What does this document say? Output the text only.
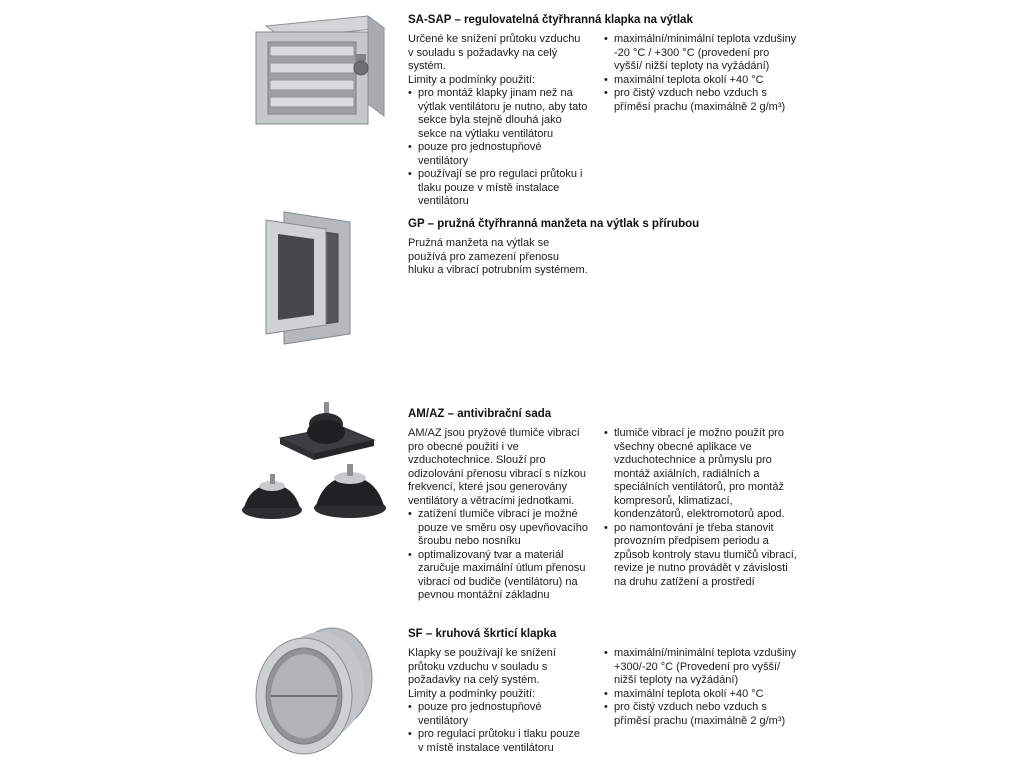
SA-SAP – regulovatelná čtyřhranná klapka na výtlak

Určené ke snížení průtoku vzduchu v souladu s požadavky na celý systém.

Limity a podmínky použití:

• pro montáž klapky jinam než na výtlak ventilátoru je nutno, aby tato sekce byla stejně dlouhá jako sekce na výtlaku ventilátoru
• pouze pro jednostupňové ventilátory
• používají se pro regulaci průtoku i tlaku pouze v místě instalace ventilátoru
• maximální/minimální teplota vzdušiny -20 °C / +300 °C (provedení pro vyšší/ nižší teploty na vyžádání)
• maximální teplota okolí +40 °C
• pro čistý vzduch nebo vzduch s příměsí prachu (maximálně 2 g/m³)
GP – pružná čtyřhranná manžeta na výtlak s přírubou

Pružná manžeta na výtlak se používá pro zamezení přenosu hluku a vibrací potrubním systémem.

AM/AZ – antivibrační sada

AM/AZ jsou pryžové tlumiče vibrací pro obecné použití i ve vzduchotechnice. Slouží pro odizolování přenosu vibrací s nízkou frekvencí, které jsou generovány ventilátory a větracími jednotkami.

• zatížení tlumiče vibrací je možné pouze ve směru osy upevňovacího šroubu nebo nosníku
• optimalizovaný tvar a materiál zaručuje maximální útlum přenosu vibrací od budiče (ventilátoru) na pevnou montážní základnu
• tlumiče vibrací je možno použít pro všechny obecné aplikace ve vzduchotechnice a průmyslu pro montáž axiálních, radiálních a speciálních ventilátorů, pro montáž kompresorů, klimatizací, kondenzátorů, elektromotorů apod.
• po namontování je třeba stanovit provozním předpisem periodu a způsob kontroly stavu tlumičů vibrací, revize je nutno provádět v závislosti na druhu zatížení a prostředí
SF – kruhová škrticí klapka

Klapky se používají ke snížení průtoku vzduchu v souladu s požadavky na celý systém.

Limity a podmínky použití:

• pouze pro jednostupňové ventilátory
• pro regulaci průtoku i tlaku pouze v místě instalace ventilátoru
• maximální/minimální teplota vzdušiny +300/-20 °C (Provedení pro vyšší/ nižší teploty na vyžádání)
• maximální teplota okolí +40 °C
• pro čistý vzduch nebo vzduch s příměsí prachu (maximálně 2 g/m³)
